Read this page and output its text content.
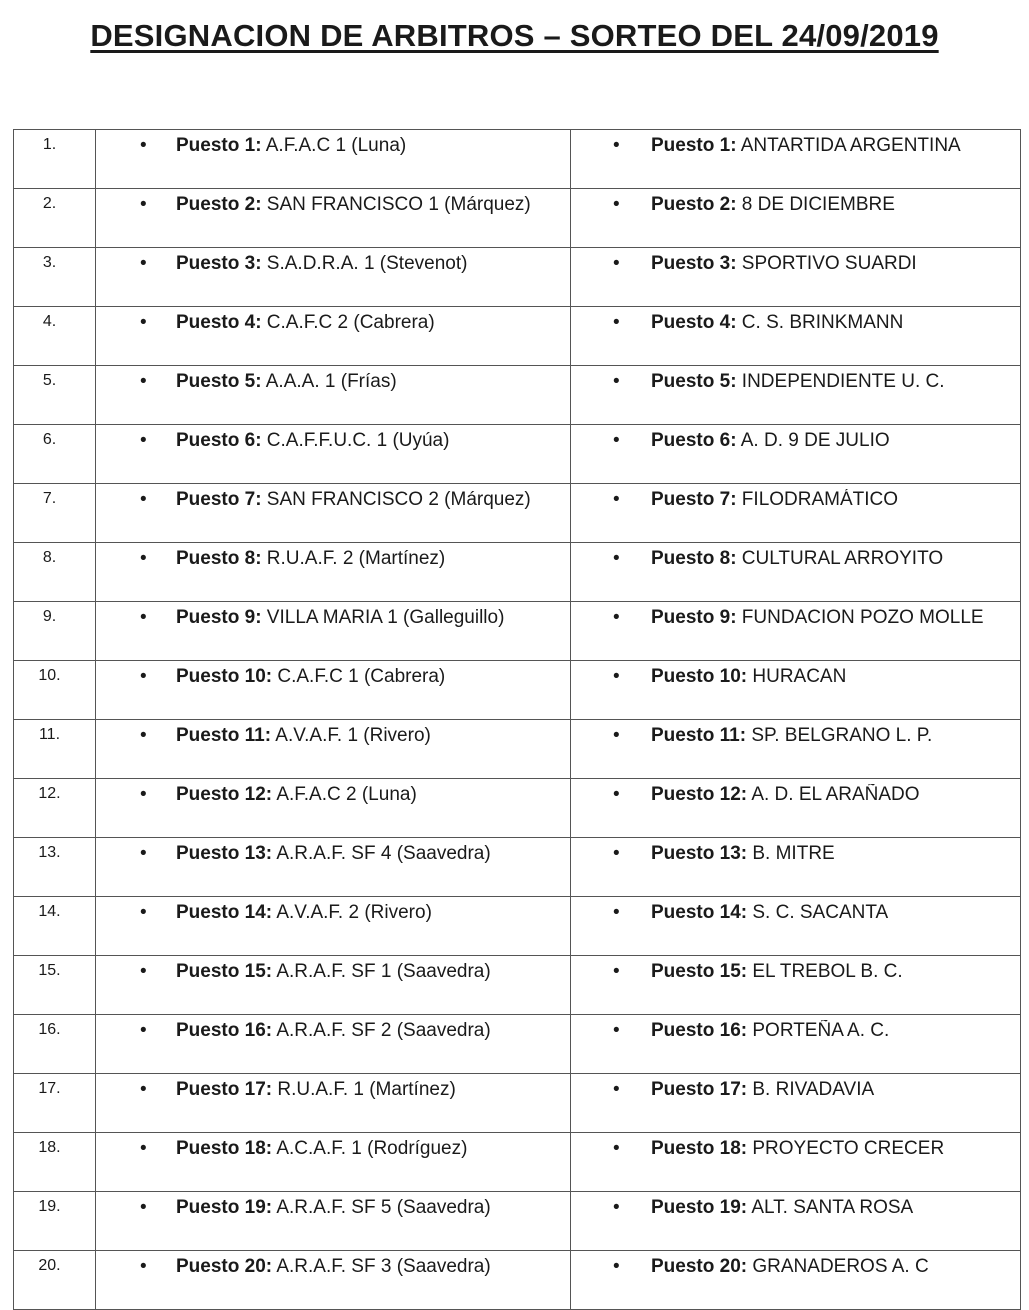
DESIGNACION DE ARBITROS – SORTEO DEL 24/09/2019
1.	• Puesto 1: A.F.A.C 1 (Luna)	• Puesto 1: ANTARTIDA ARGENTINA

2.	• Puesto 2: SAN FRANCISCO 1 (Márquez)	• Puesto 2: 8 DE DICIEMBRE

3.	• Puesto 3: S.A.D.R.A. 1 (Stevenot)	• Puesto 3: SPORTIVO SUARDI

4.	• Puesto 4: C.A.F.C 2 (Cabrera)	• Puesto 4: C. S. BRINKMANN

5.	• Puesto 5: A.A.A. 1 (Frías)	• Puesto 5: INDEPENDIENTE U. C.

6.	• Puesto 6: C.A.F.F.U.C. 1 (Uyúa)	• Puesto 6: A. D. 9 DE JULIO

7.	• Puesto 7: SAN FRANCISCO 2 (Márquez)	• Puesto 7: FILODRAMÁTICO

8.	• Puesto 8: R.U.A.F. 2 (Martínez)	• Puesto 8: CULTURAL ARROYITO

9.	• Puesto 9: VILLA MARIA 1 (Galleguillo)	• Puesto 9: FUNDACION POZO MOLLE

10.	• Puesto 10: C.A.F.C 1 (Cabrera)	• Puesto 10: HURACAN

11.	• Puesto 11: A.V.A.F. 1 (Rivero)	• Puesto 11: SP. BELGRANO L. P.

12.	• Puesto 12: A.F.A.C 2 (Luna)	• Puesto 12: A. D. EL ARAÑADO

13.	• Puesto 13: A.R.A.F. SF 4 (Saavedra)	• Puesto 13: B. MITRE

14.	• Puesto 14: A.V.A.F. 2 (Rivero)	• Puesto 14: S. C. SACANTA

15.	• Puesto 15: A.R.A.F. SF 1 (Saavedra)	• Puesto 15: EL TREBOL B. C.

16.	• Puesto 16: A.R.A.F. SF 2 (Saavedra)	• Puesto 16: PORTEÑA A. C.

17.	• Puesto 17: R.U.A.F. 1 (Martínez)	• Puesto 17: B. RIVADAVIA

18.	• Puesto 18: A.C.A.F. 1 (Rodríguez)	• Puesto 18: PROYECTO CRECER

19.	• Puesto 19: A.R.A.F. SF 5 (Saavedra)	• Puesto 19: ALT. SANTA ROSA

20.	• Puesto 20: A.R.A.F. SF 3 (Saavedra)	• Puesto 20: GRANADEROS A. C
